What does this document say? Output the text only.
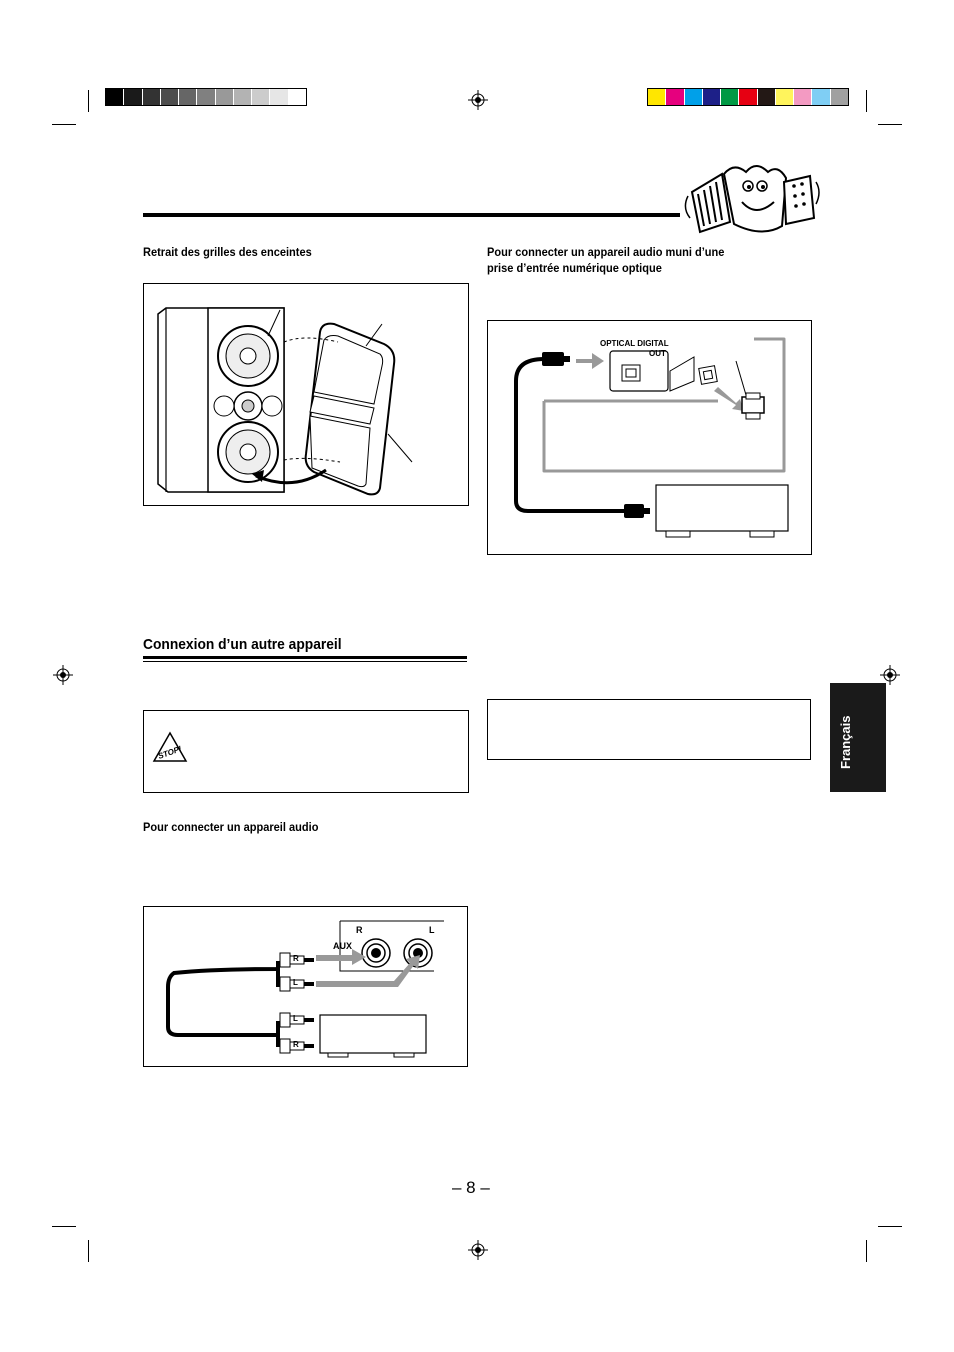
Retrait des grilles des enceintes	Pour connecter un appareil audio muni d’une
prise d’entrée numérique optique
OPTICAL DIGITAL
OUT
Connexion d’un autre appareil
STOP!	Français
Pour connecter un appareil audio
R	L
AUX
R
L
L
R
– 8 –
